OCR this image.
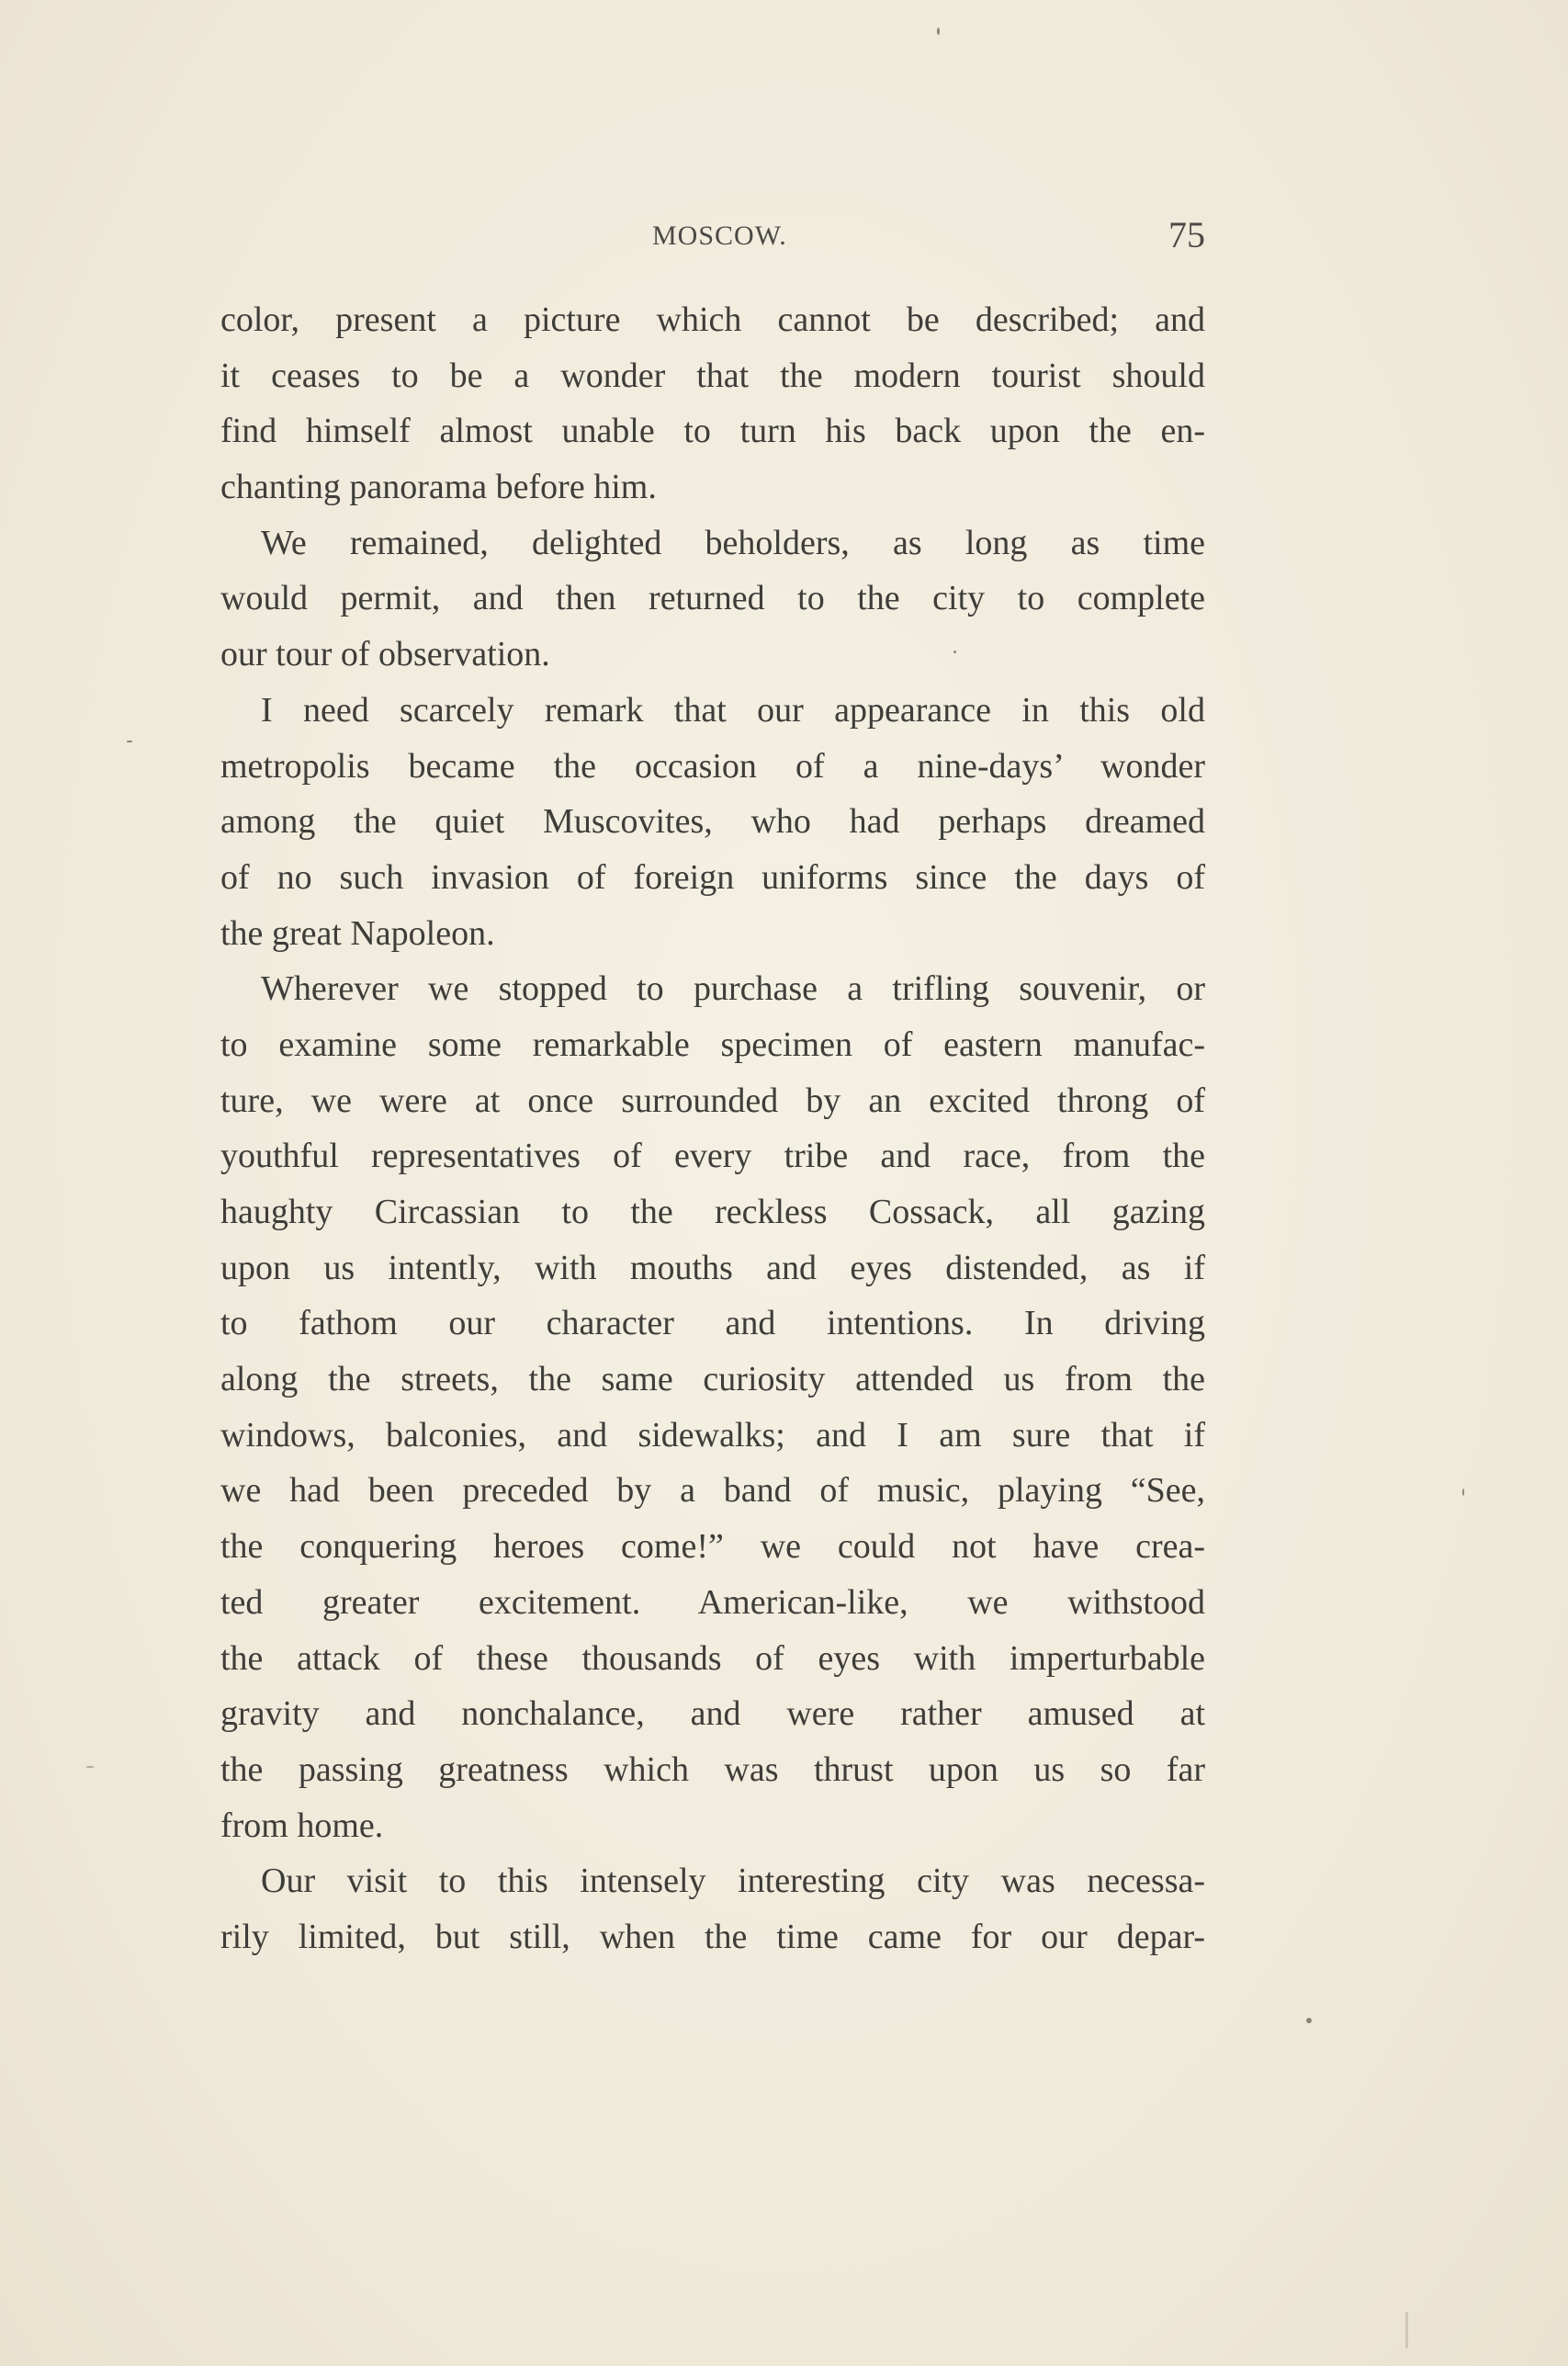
MOSCOW.	75
color, present a picture which cannot be described; and
it ceases to be a wonder that the modern tourist should
find himself almost unable to turn his back upon the en-
chanting panorama before him.
We remained, delighted beholders, as long as time
would permit, and then returned to the city to complete
our tour of observation.
I need scarcely remark that our appearance in this old
metropolis became the occasion of a nine-days’ wonder
among the quiet Muscovites, who had perhaps dreamed
of no such invasion of foreign uniforms since the days of
the great Napoleon.
Wherever we stopped to purchase a trifling souvenir, or
to examine some remarkable specimen of eastern manufac-
ture, we were at once surrounded by an excited throng of
youthful representatives of every tribe and race, from the
haughty Circassian to the reckless Cossack, all gazing
upon us intently, with mouths and eyes distended, as if
to fathom our character and intentions. In driving
along the streets, the same curiosity attended us from the
windows, balconies, and sidewalks; and I am sure that if
we had been preceded by a band of music, playing “See,
the conquering heroes come!” we could not have crea-
ted greater excitement. American-like, we withstood
the attack of these thousands of eyes with imperturbable
gravity and nonchalance, and were rather amused at
the passing greatness which was thrust upon us so far
from home.
Our visit to this intensely interesting city was necessa-
rily limited, but still, when the time came for our depar-
